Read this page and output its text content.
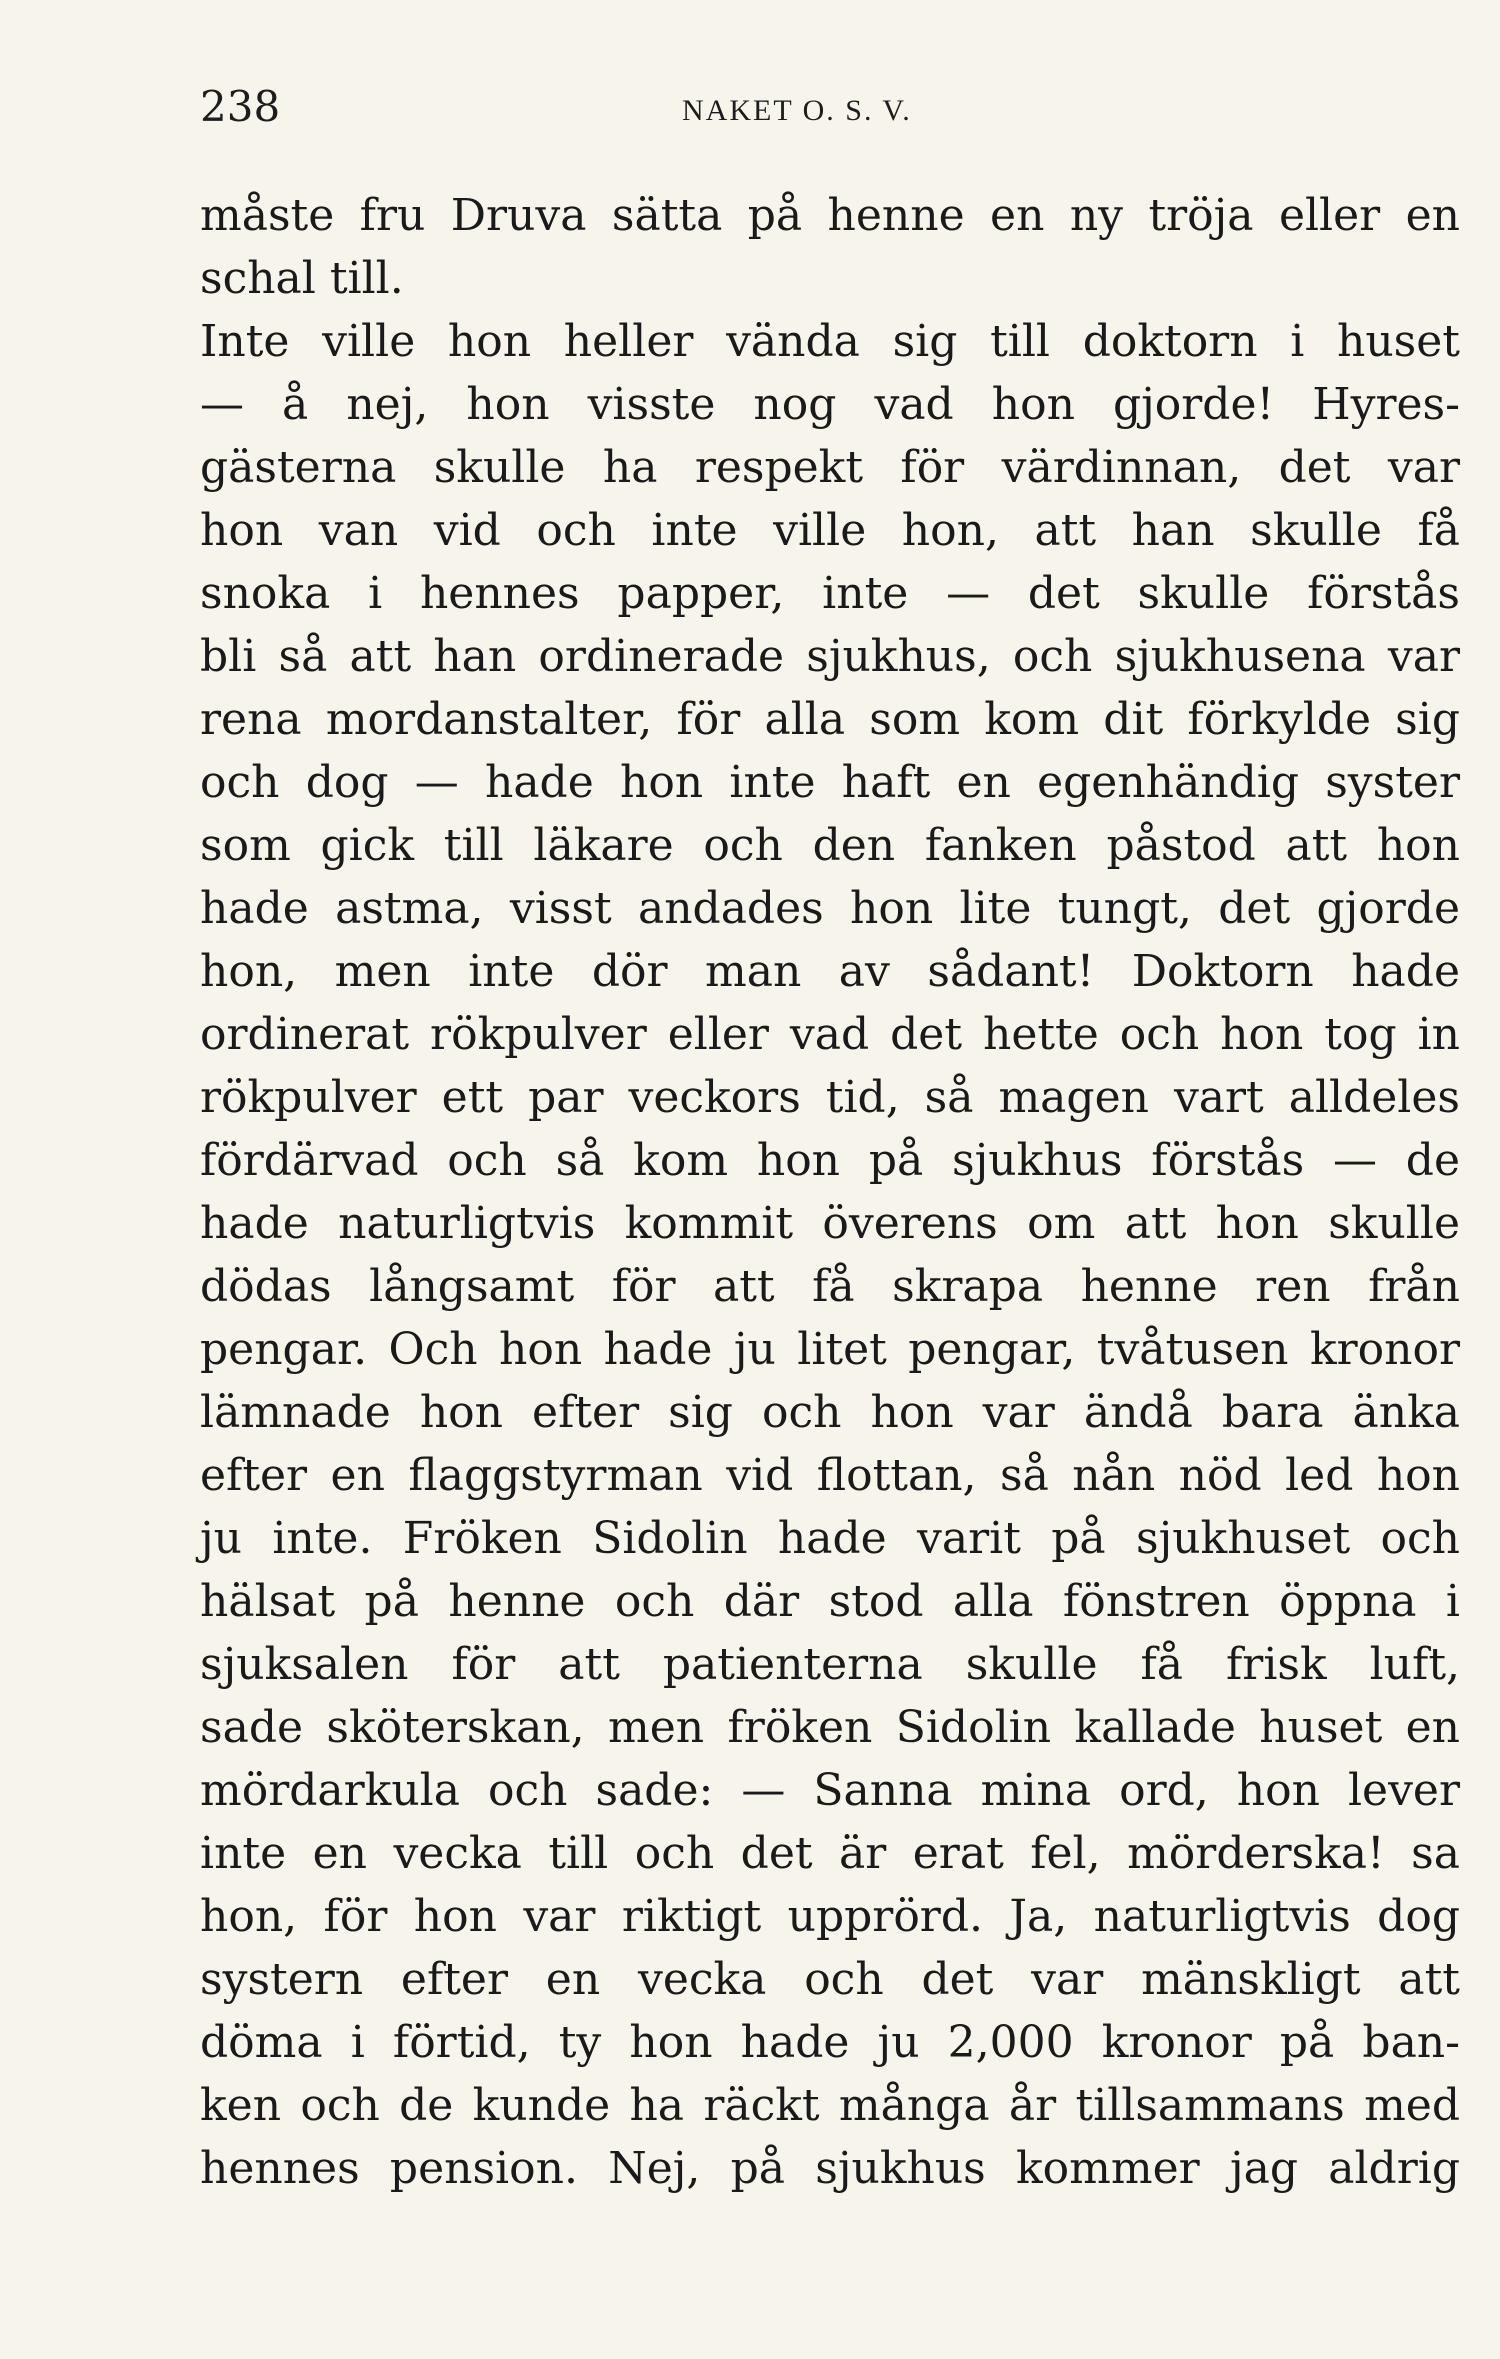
238	NAKET O. S. V.
måste fru Druva sätta på henne en ny tröja eller en
schal till.
Inte ville hon heller vända sig till doktorn i huset
— å nej, hon visste nog vad hon gjorde! Hyres-
gästerna skulle ha respekt för värdinnan, det var
hon van vid och inte ville hon, att han skulle få
snoka i hennes papper, inte — det skulle förstås
bli så att han ordinerade sjukhus, och sjukhusena var
rena mordanstalter, för alla som kom dit förkylde sig
och dog — hade hon inte haft en egenhändig syster
som gick till läkare och den fanken påstod att hon
hade astma, visst andades hon lite tungt, det gjorde
hon, men inte dör man av sådant! Doktorn hade
ordinerat rökpulver eller vad det hette och hon tog in
rökpulver ett par veckors tid, så magen vart alldeles
fördärvad och så kom hon på sjukhus förstås — de
hade naturligtvis kommit överens om att hon skulle
dödas långsamt för att få skrapa henne ren från
pengar. Och hon hade ju litet pengar, tvåtusen kronor
lämnade hon efter sig och hon var ändå bara änka
efter en flaggstyrman vid flottan, så nån nöd led hon
ju inte. Fröken Sidolin hade varit på sjukhuset och
hälsat på henne och där stod alla fönstren öppna i
sjuksalen för att patienterna skulle få frisk luft,
sade sköterskan, men fröken Sidolin kallade huset en
mördarkula och sade: — Sanna mina ord, hon lever
inte en vecka till och det är erat fel, mörderska! sa
hon, för hon var riktigt upprörd. Ja, naturligtvis dog
systern efter en vecka och det var mänskligt att
döma i förtid, ty hon hade ju 2,000 kronor på ban-
ken och de kunde ha räckt många år tillsammans med
hennes pension. Nej, på sjukhus kommer jag aldrig
